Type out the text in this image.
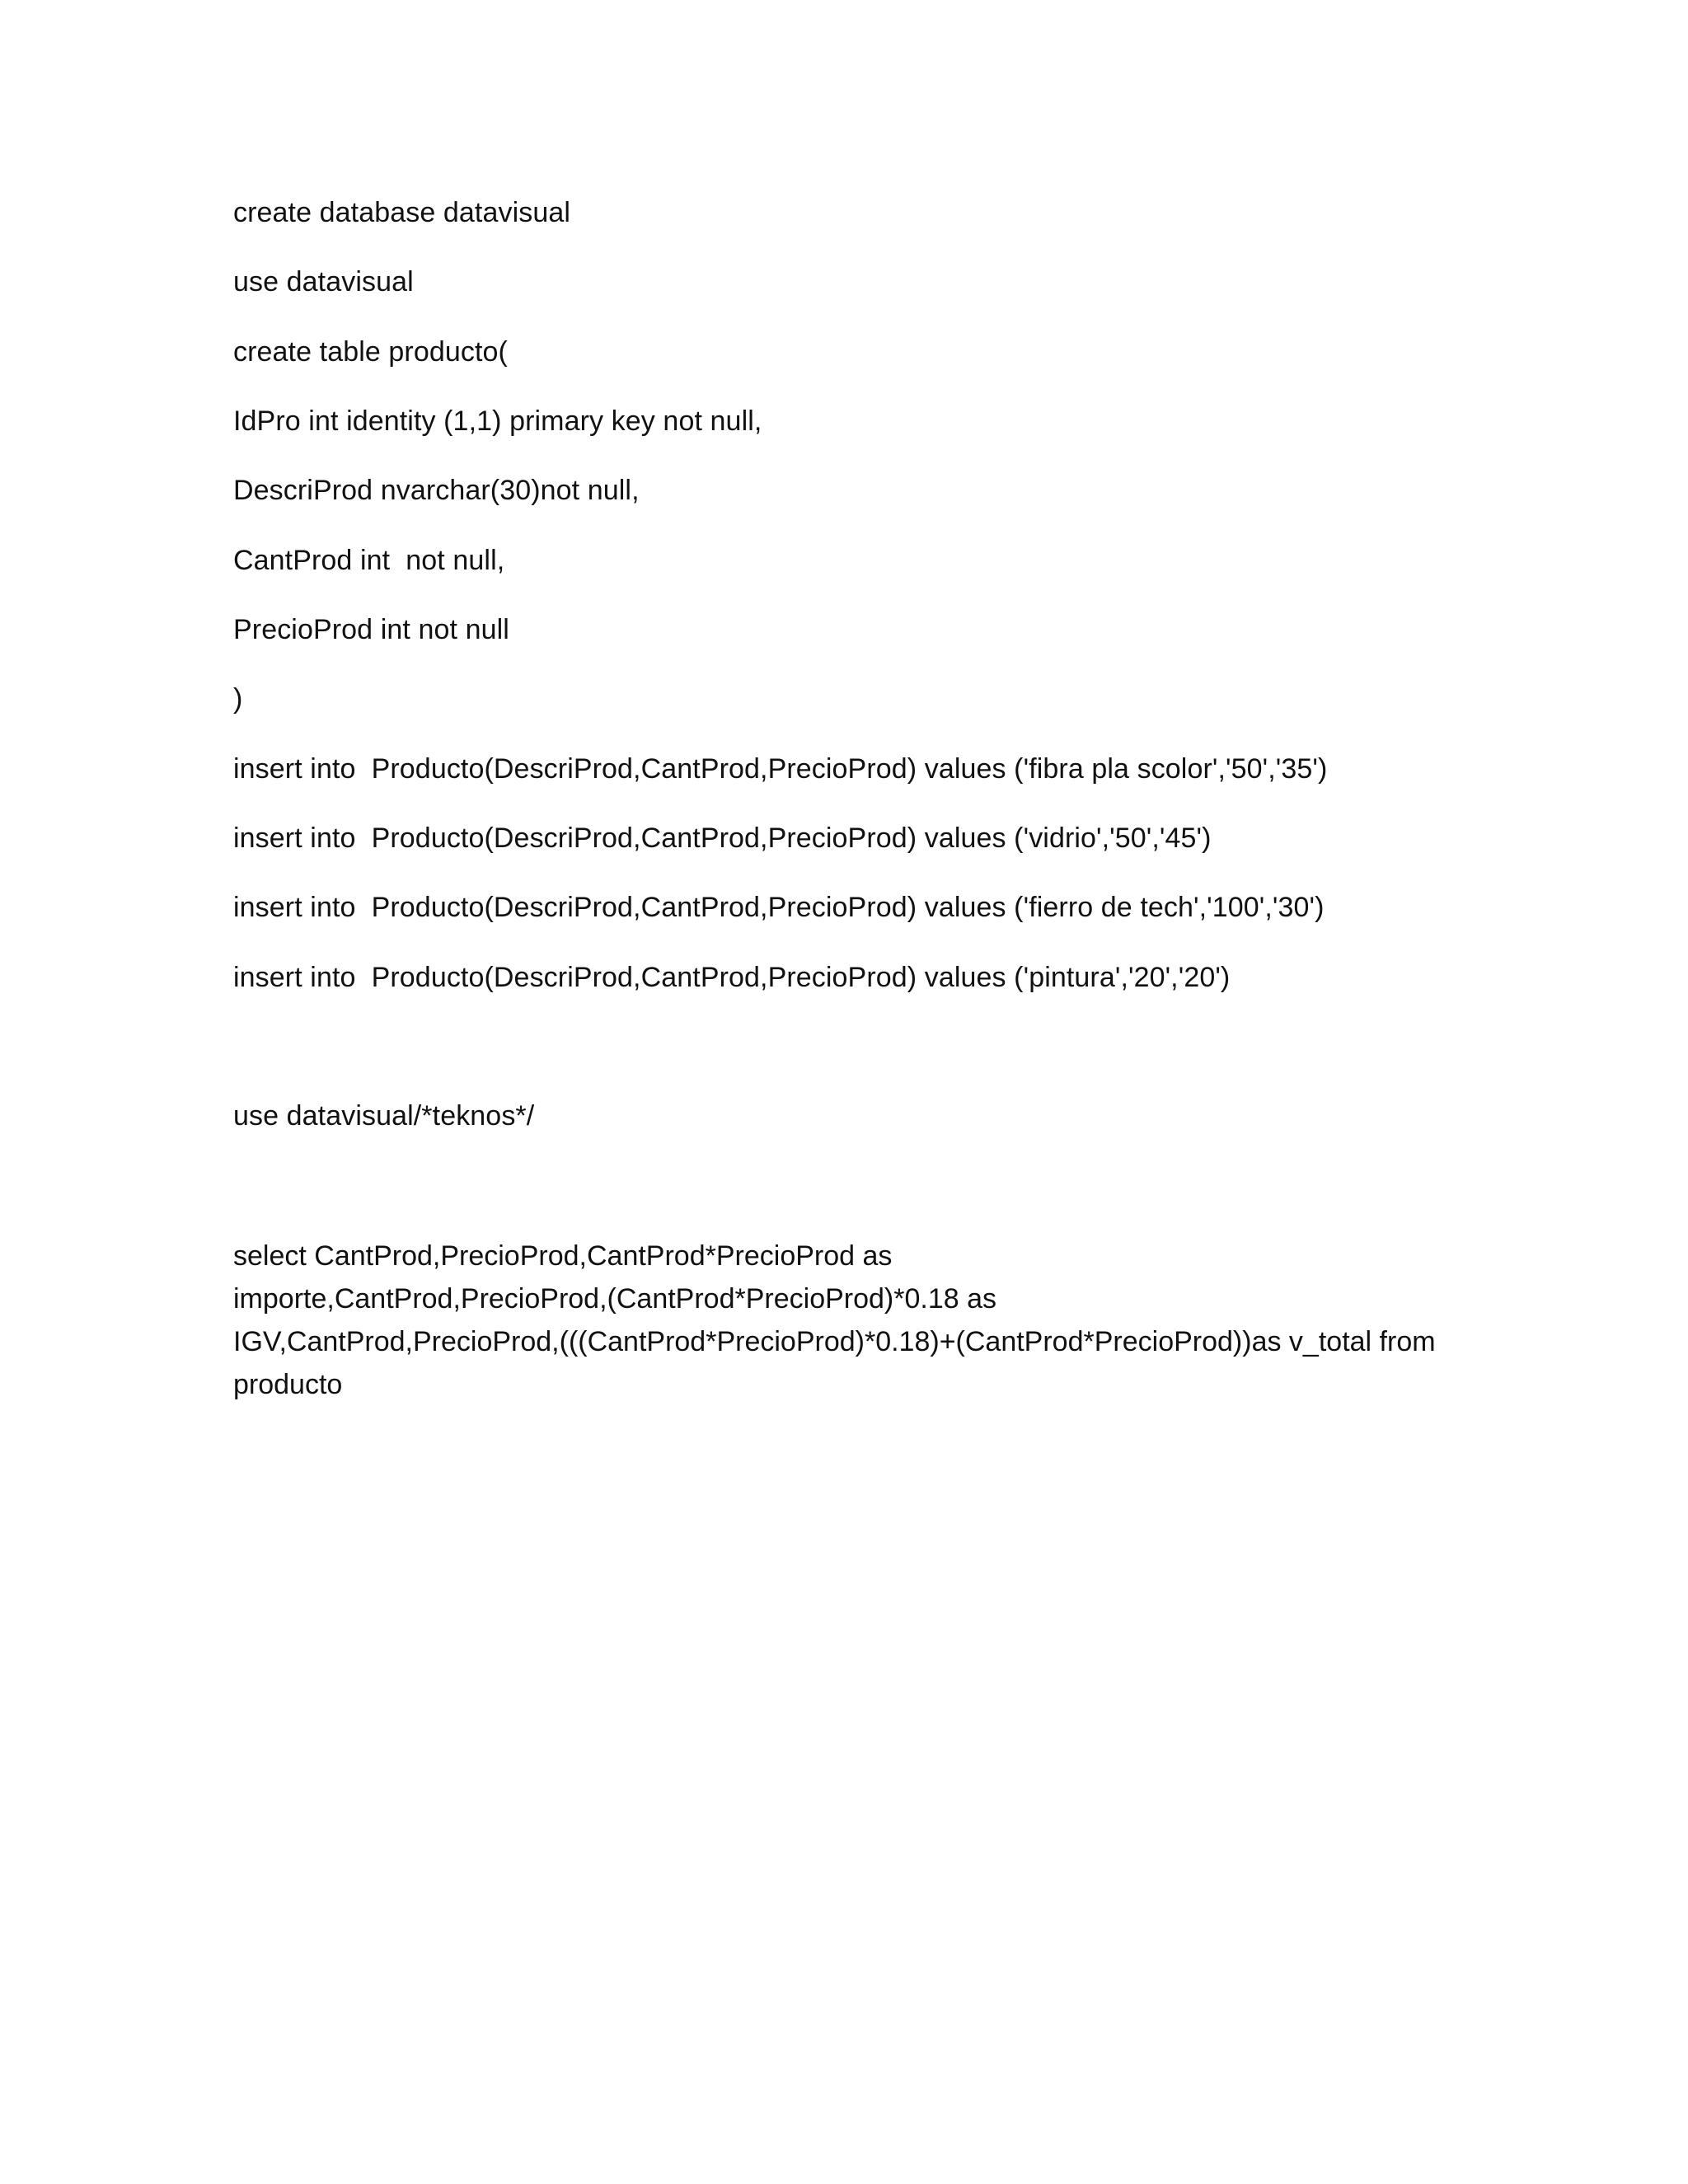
create database datavisual
use datavisual
create table producto(
IdPro int identity (1,1) primary key not null,
DescriProd nvarchar(30)not null,
CantProd int  not null,
PrecioProd int not null
)
insert into  Producto(DescriProd,CantProd,PrecioProd) values ('fibra pla scolor','50','35')
insert into  Producto(DescriProd,CantProd,PrecioProd) values ('vidrio','50','45')
insert into  Producto(DescriProd,CantProd,PrecioProd) values ('fierro de tech','100','30')
insert into  Producto(DescriProd,CantProd,PrecioProd) values ('pintura','20','20')
use datavisual/*teknos*/
select CantProd,PrecioProd,CantProd*PrecioProd as
importe,CantProd,PrecioProd,(CantProd*PrecioProd)*0.18 as
IGV,CantProd,PrecioProd,(((CantProd*PrecioProd)*0.18)+(CantProd*PrecioProd))as v_total from
producto
